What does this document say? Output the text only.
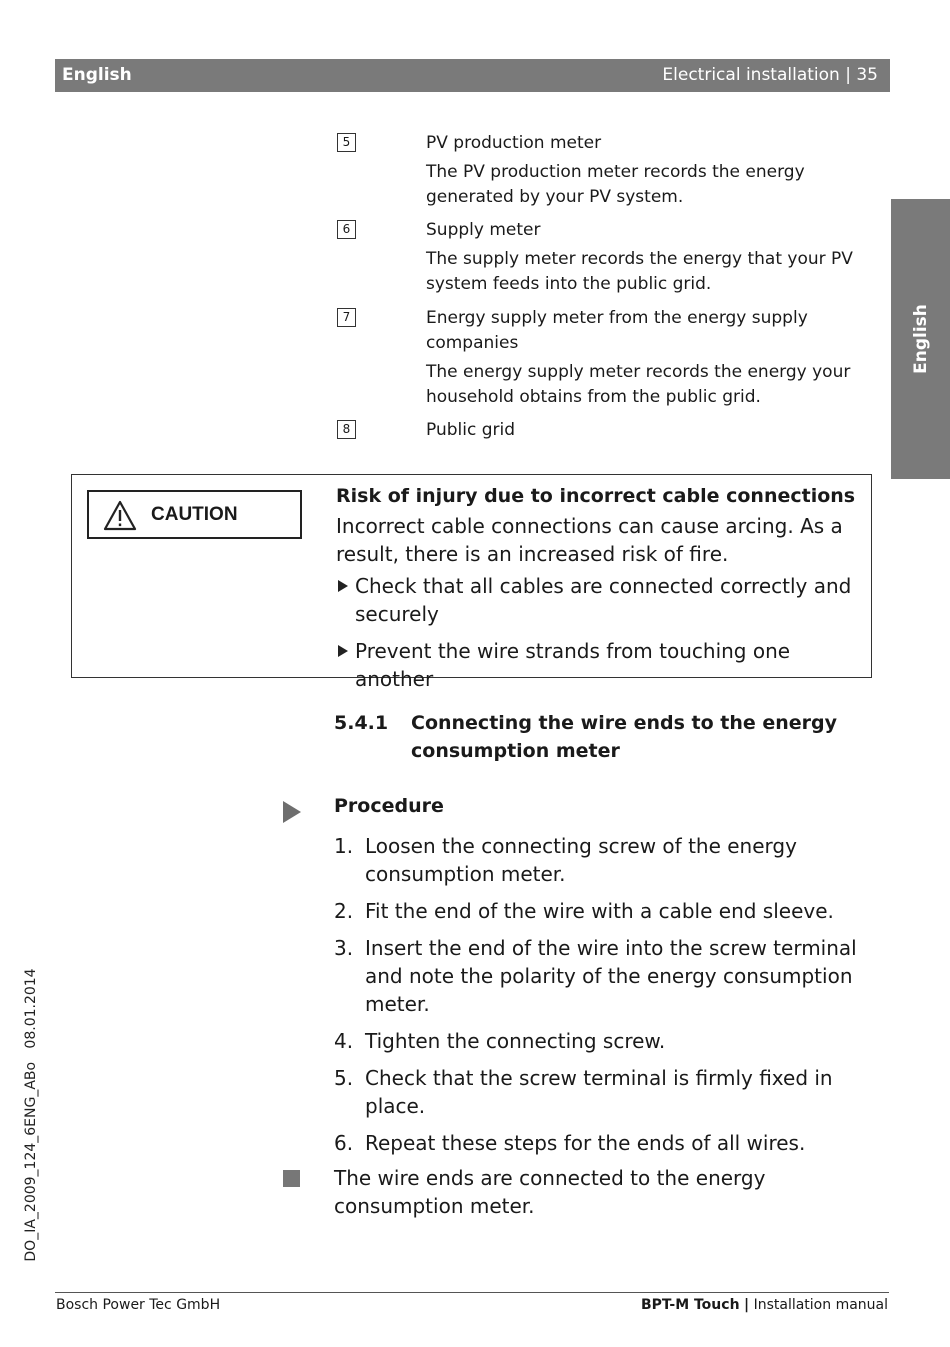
English	Electrical installation | 35
English
5	PV production meter

The PV production meter records the energy generated by your PV system.

6	Supply meter

The supply meter records the energy that your PV system feeds into the public grid.

7	Energy supply meter from the energy supply companies

The energy supply meter records the energy your household obtains from the public grid.

8	Public grid

CAUTION

Risk of injury due to incorrect cable connections

Incorrect cable connections can cause arcing. As a result, there is an increased risk of fire.

Check that all cables are connected correctly and securely

Prevent the wire strands from touching one another

5.4.1 Connecting the wire ends to the energy consumption meter
Procedure
1. Loosen the connecting screw of the energy consumption meter.
2. Fit the end of the wire with a cable end sleeve.
3. Insert the end of the wire into the screw terminal and note the polarity of the energy consumption meter.
4. Tighten the connecting screw.
5. Check that the screw terminal is firmly fixed in place.
6. Repeat these steps for the ends of all wires.

The wire ends are connected to the energy consumption meter.

DO_IA_2009_124_6ENG_ABo   08.01.2014
Bosch Power Tec GmbH	BPT-M Touch | Installation manual
